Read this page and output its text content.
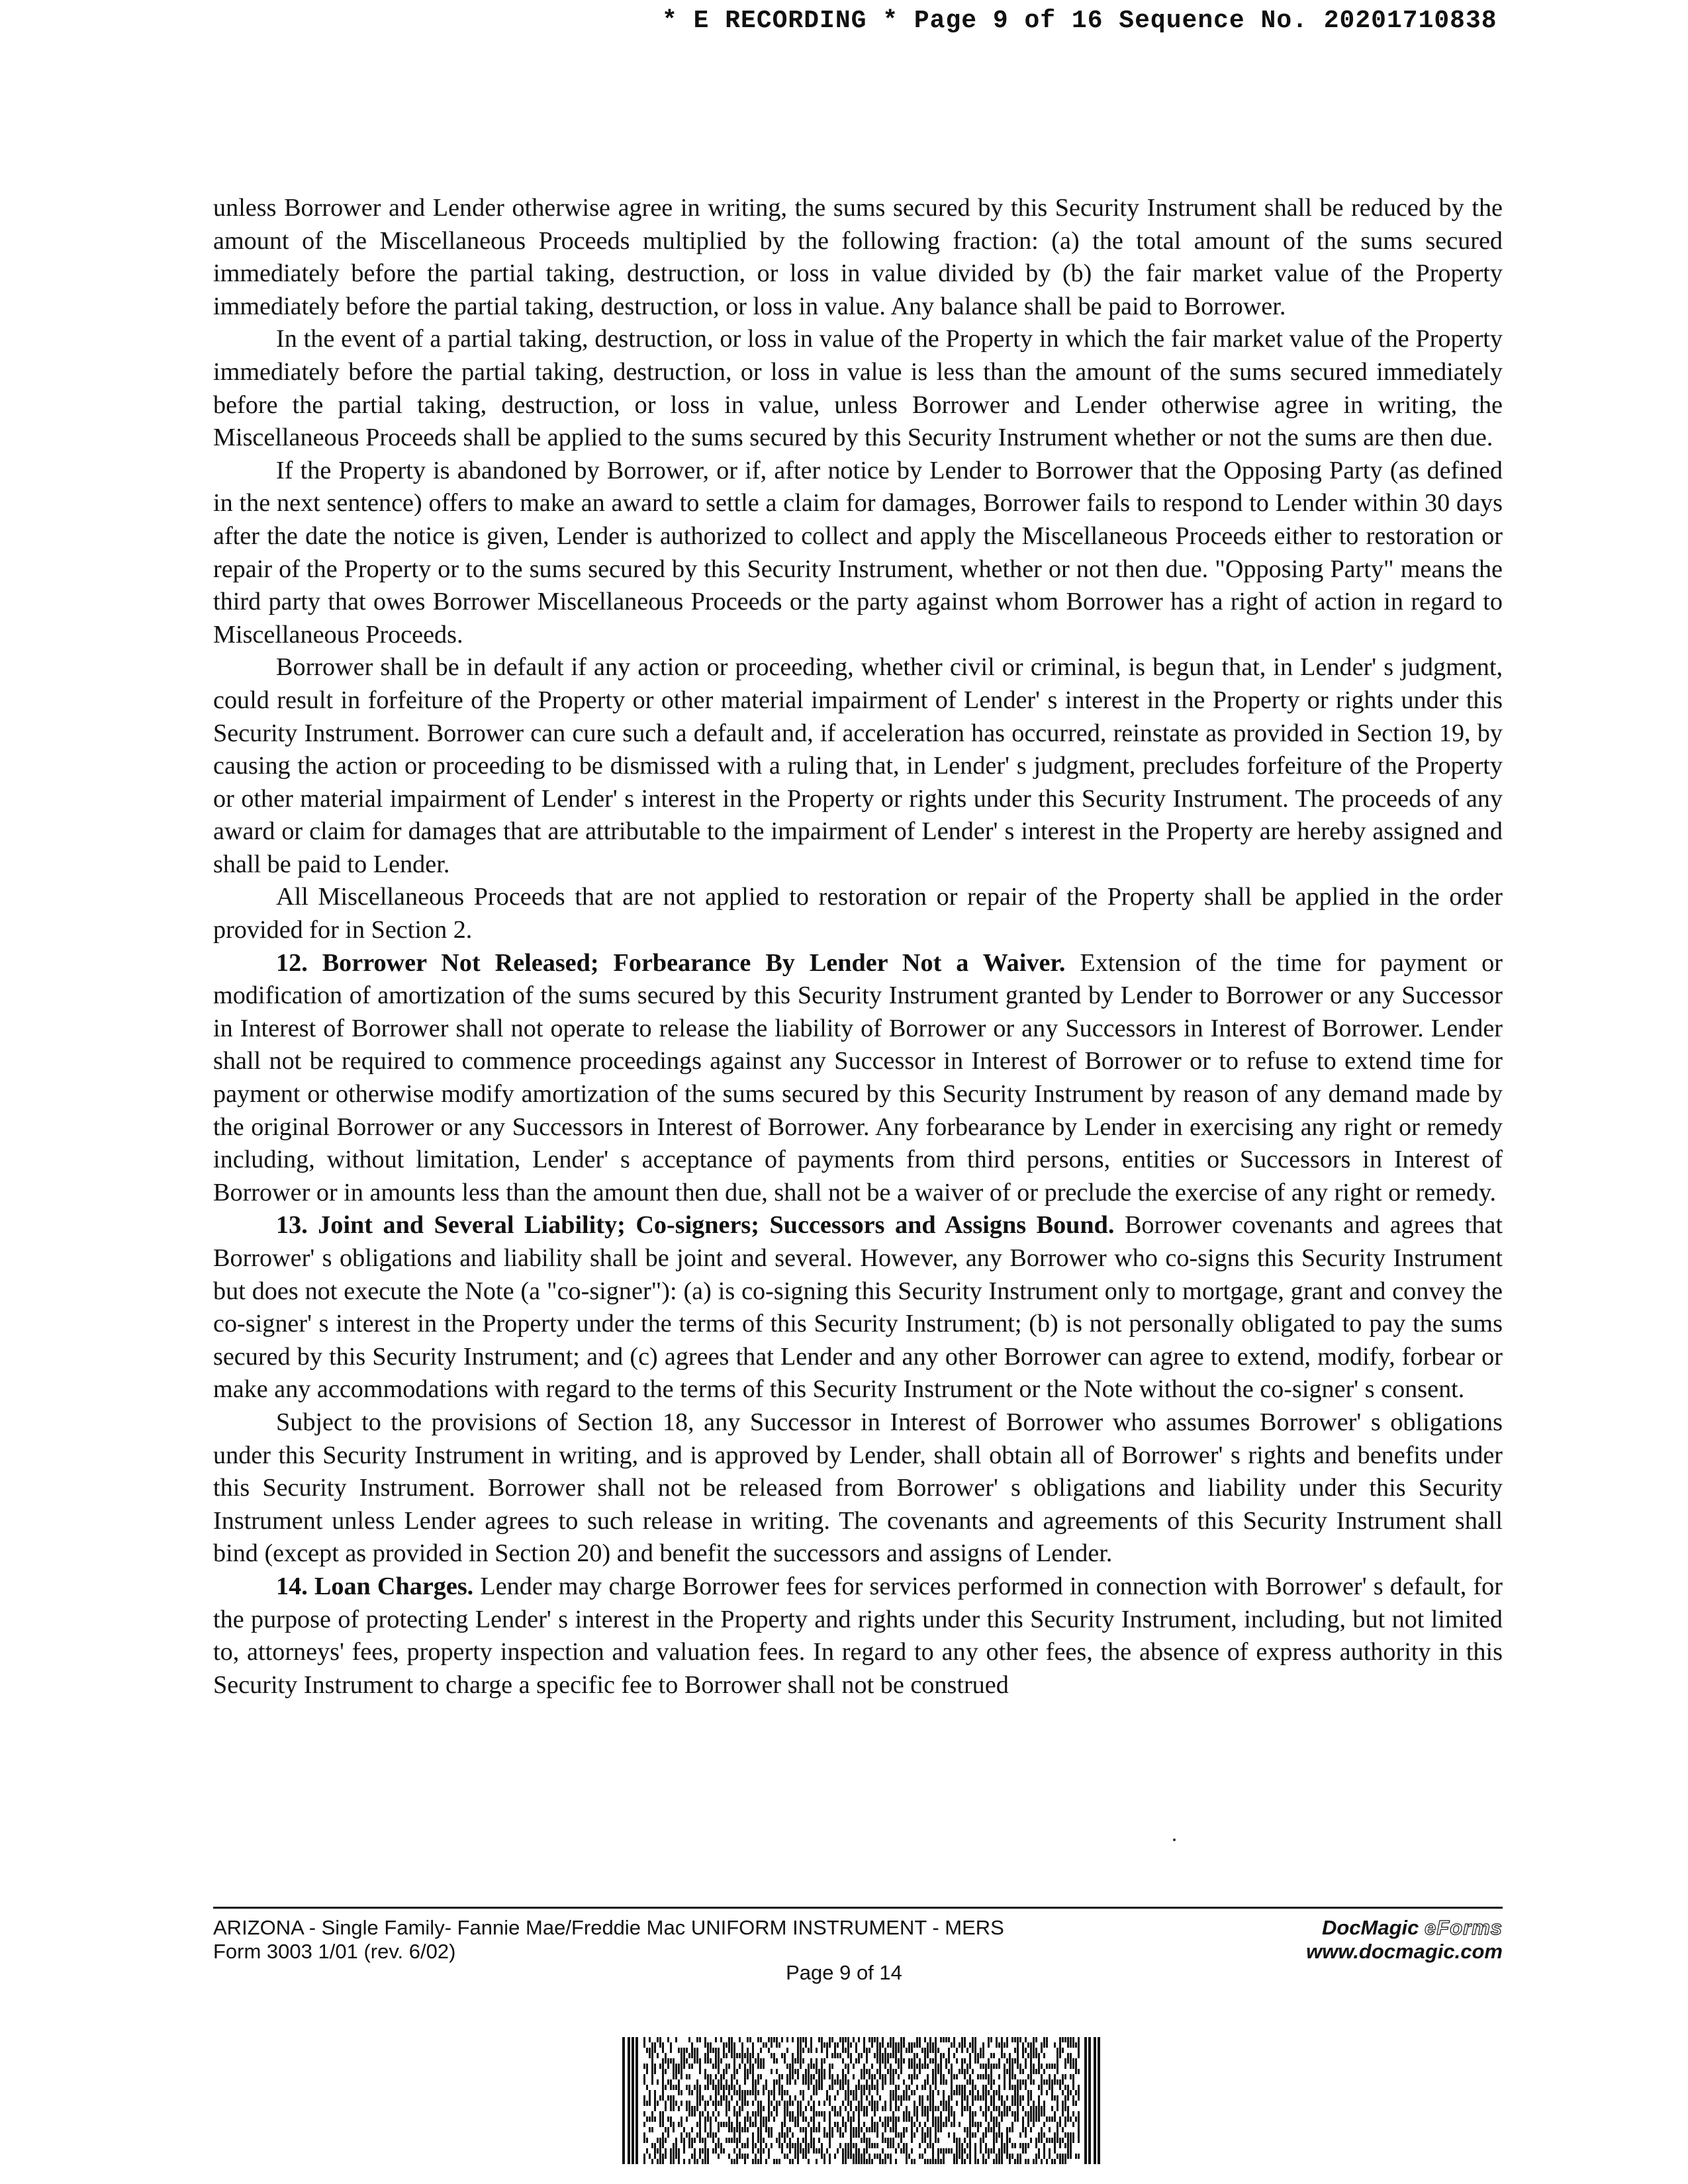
* E RECORDING * Page 9 of 16 Sequence No. 20201710838

unless Borrower and Lender otherwise agree in writing, the sums secured by this Security Instrument shall be reduced by the amount of the Miscellaneous Proceeds multiplied by the following fraction: (a) the total amount of the sums secured immediately before the partial taking, destruction, or loss in value divided by (b) the fair market value of the Property immediately before the partial taking, destruction, or loss in value. Any balance shall be paid to Borrower.

In the event of a partial taking, destruction, or loss in value of the Property in which the fair market value of the Property immediately before the partial taking, destruction, or loss in value is less than the amount of the sums secured immediately before the partial taking, destruction, or loss in value, unless Borrower and Lender otherwise agree in writing, the Miscellaneous Proceeds shall be applied to the sums secured by this Security Instrument whether or not the sums are then due.

If the Property is abandoned by Borrower, or if, after notice by Lender to Borrower that the Opposing Party (as defined in the next sentence) offers to make an award to settle a claim for damages, Borrower fails to respond to Lender within 30 days after the date the notice is given, Lender is authorized to collect and apply the Miscellaneous Proceeds either to restoration or repair of the Property or to the sums secured by this Security Instrument, whether or not then due. "Opposing Party" means the third party that owes Borrower Miscellaneous Proceeds or the party against whom Borrower has a right of action in regard to Miscellaneous Proceeds.

Borrower shall be in default if any action or proceeding, whether civil or criminal, is begun that, in Lender' s judgment, could result in forfeiture of the Property or other material impairment of Lender' s interest in the Property or rights under this Security Instrument. Borrower can cure such a default and, if acceleration has occurred, reinstate as provided in Section 19, by causing the action or proceeding to be dismissed with a ruling that, in Lender' s judgment, precludes forfeiture of the Property or other material impairment of Lender' s interest in the Property or rights under this Security Instrument. The proceeds of any award or claim for damages that are attributable to the impairment of Lender' s interest in the Property are hereby assigned and shall be paid to Lender.

All Miscellaneous Proceeds that are not applied to restoration or repair of the Property shall be applied in the order provided for in Section 2.

12. Borrower Not Released; Forbearance By Lender Not a Waiver. Extension of the time for payment or modification of amortization of the sums secured by this Security Instrument granted by Lender to Borrower or any Successor in Interest of Borrower shall not operate to release the liability of Borrower or any Successors in Interest of Borrower. Lender shall not be required to commence proceedings against any Successor in Interest of Borrower or to refuse to extend time for payment or otherwise modify amortization of the sums secured by this Security Instrument by reason of any demand made by the original Borrower or any Successors in Interest of Borrower. Any forbearance by Lender in exercising any right or remedy including, without limitation, Lender' s acceptance of payments from third persons, entities or Successors in Interest of Borrower or in amounts less than the amount then due, shall not be a waiver of or preclude the exercise of any right or remedy.

13. Joint and Several Liability; Co-signers; Successors and Assigns Bound. Borrower covenants and agrees that Borrower' s obligations and liability shall be joint and several. However, any Borrower who co-signs this Security Instrument but does not execute the Note (a "co-signer"): (a) is co-signing this Security Instrument only to mortgage, grant and convey the co-signer' s interest in the Property under the terms of this Security Instrument; (b) is not personally obligated to pay the sums secured by this Security Instrument; and (c) agrees that Lender and any other Borrower can agree to extend, modify, forbear or make any accommodations with regard to the terms of this Security Instrument or the Note without the co-signer' s consent.

Subject to the provisions of Section 18, any Successor in Interest of Borrower who assumes Borrower' s obligations under this Security Instrument in writing, and is approved by Lender, shall obtain all of Borrower' s rights and benefits under this Security Instrument. Borrower shall not be released from Borrower' s obligations and liability under this Security Instrument unless Lender agrees to such release in writing. The covenants and agreements of this Security Instrument shall bind (except as provided in Section 20) and benefit the successors and assigns of Lender.

14. Loan Charges. Lender may charge Borrower fees for services performed in connection with Borrower' s default, for the purpose of protecting Lender' s interest in the Property and rights under this Security Instrument, including, but not limited to, attorneys' fees, property inspection and valuation fees. In regard to any other fees, the absence of express authority in this Security Instrument to charge a specific fee to Borrower shall not be construed

ARIZONA - Single Family- Fannie Mae/Freddie Mac UNIFORM INSTRUMENT - MERS
Form 3003 1/01 (rev. 6/02)
DocMagic eForms
www.docmagic.com
Page 9 of 14
